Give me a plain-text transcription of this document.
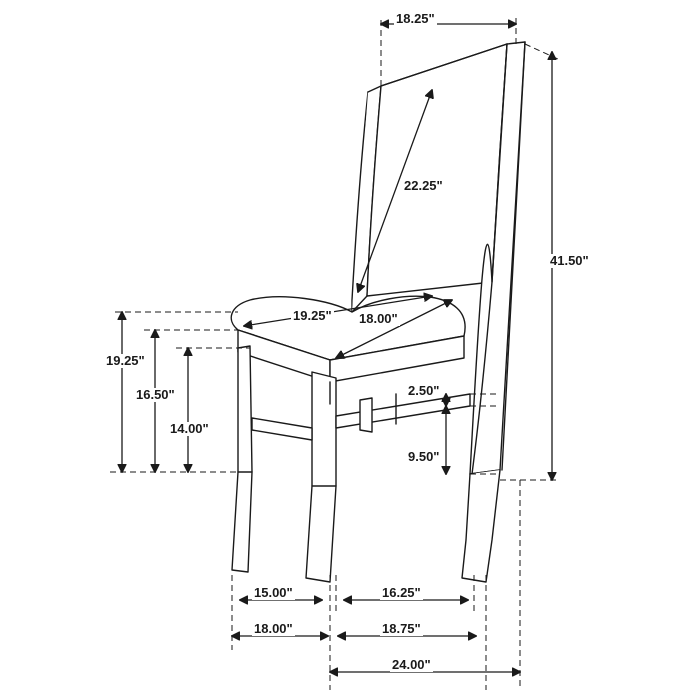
18.25"
22.25"
41.50"
19.25" 18.00"
19.25"
16.50"
14.00"
2.50"
9.50"
15.00"	16.25"
18.00"	18.75"
24.00"
